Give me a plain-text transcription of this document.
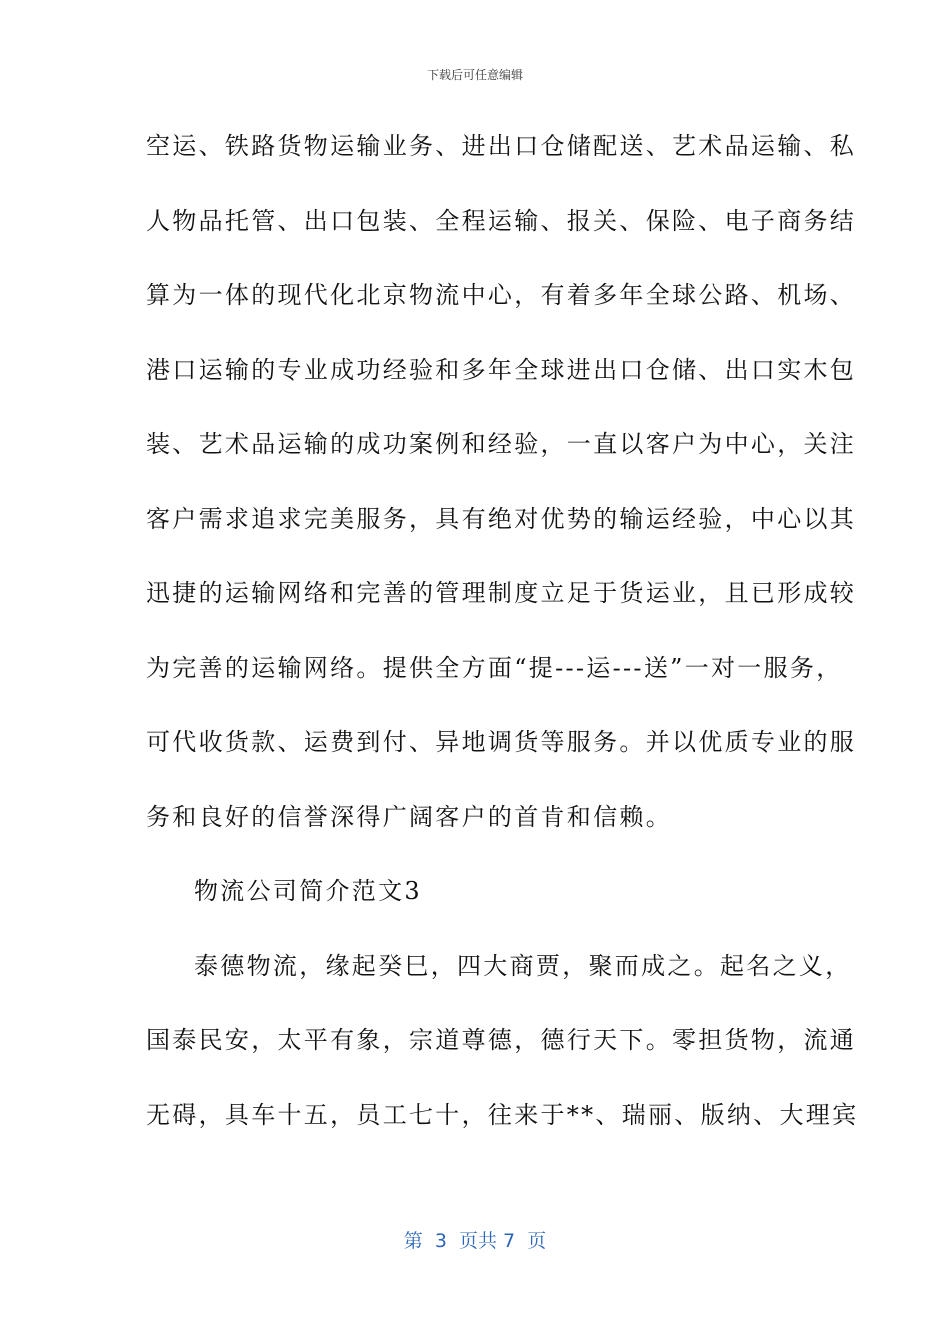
下载后可任意编辑
空运、铁路货物运输业务、进出口仓储配送、艺术品运输、私
人物品托管、出口包装、全程运输、报关、保险、电子商务结
算为一体的现代化北京物流中心，有着多年全球公路、机场、
港口运输的专业成功经验和多年全球进出口仓储、出口实木包
装、艺术品运输的成功案例和经验，一直以客户为中心，关注
客户需求追求完美服务，具有绝对优势的输运经验，中心以其
迅捷的运输网络和完善的管理制度立足于货运业，且已形成较
为完善的运输网络。提供全方面“提---运---送”一对一服务，
可代收货款、运费到付、异地调货等服务。并以优质专业的服
务和良好的信誉深得广阔客户的首肯和信赖。
物流公司简介范文3
泰德物流，缘起癸巳，四大商贾，聚而成之。起名之义，
国泰民安，太平有象，宗道尊德，德行天下。零担货物，流通
无碍，具车十五，员工七十，往来于**、瑞丽、版纳、大理宾
第  3  页共 7  页
